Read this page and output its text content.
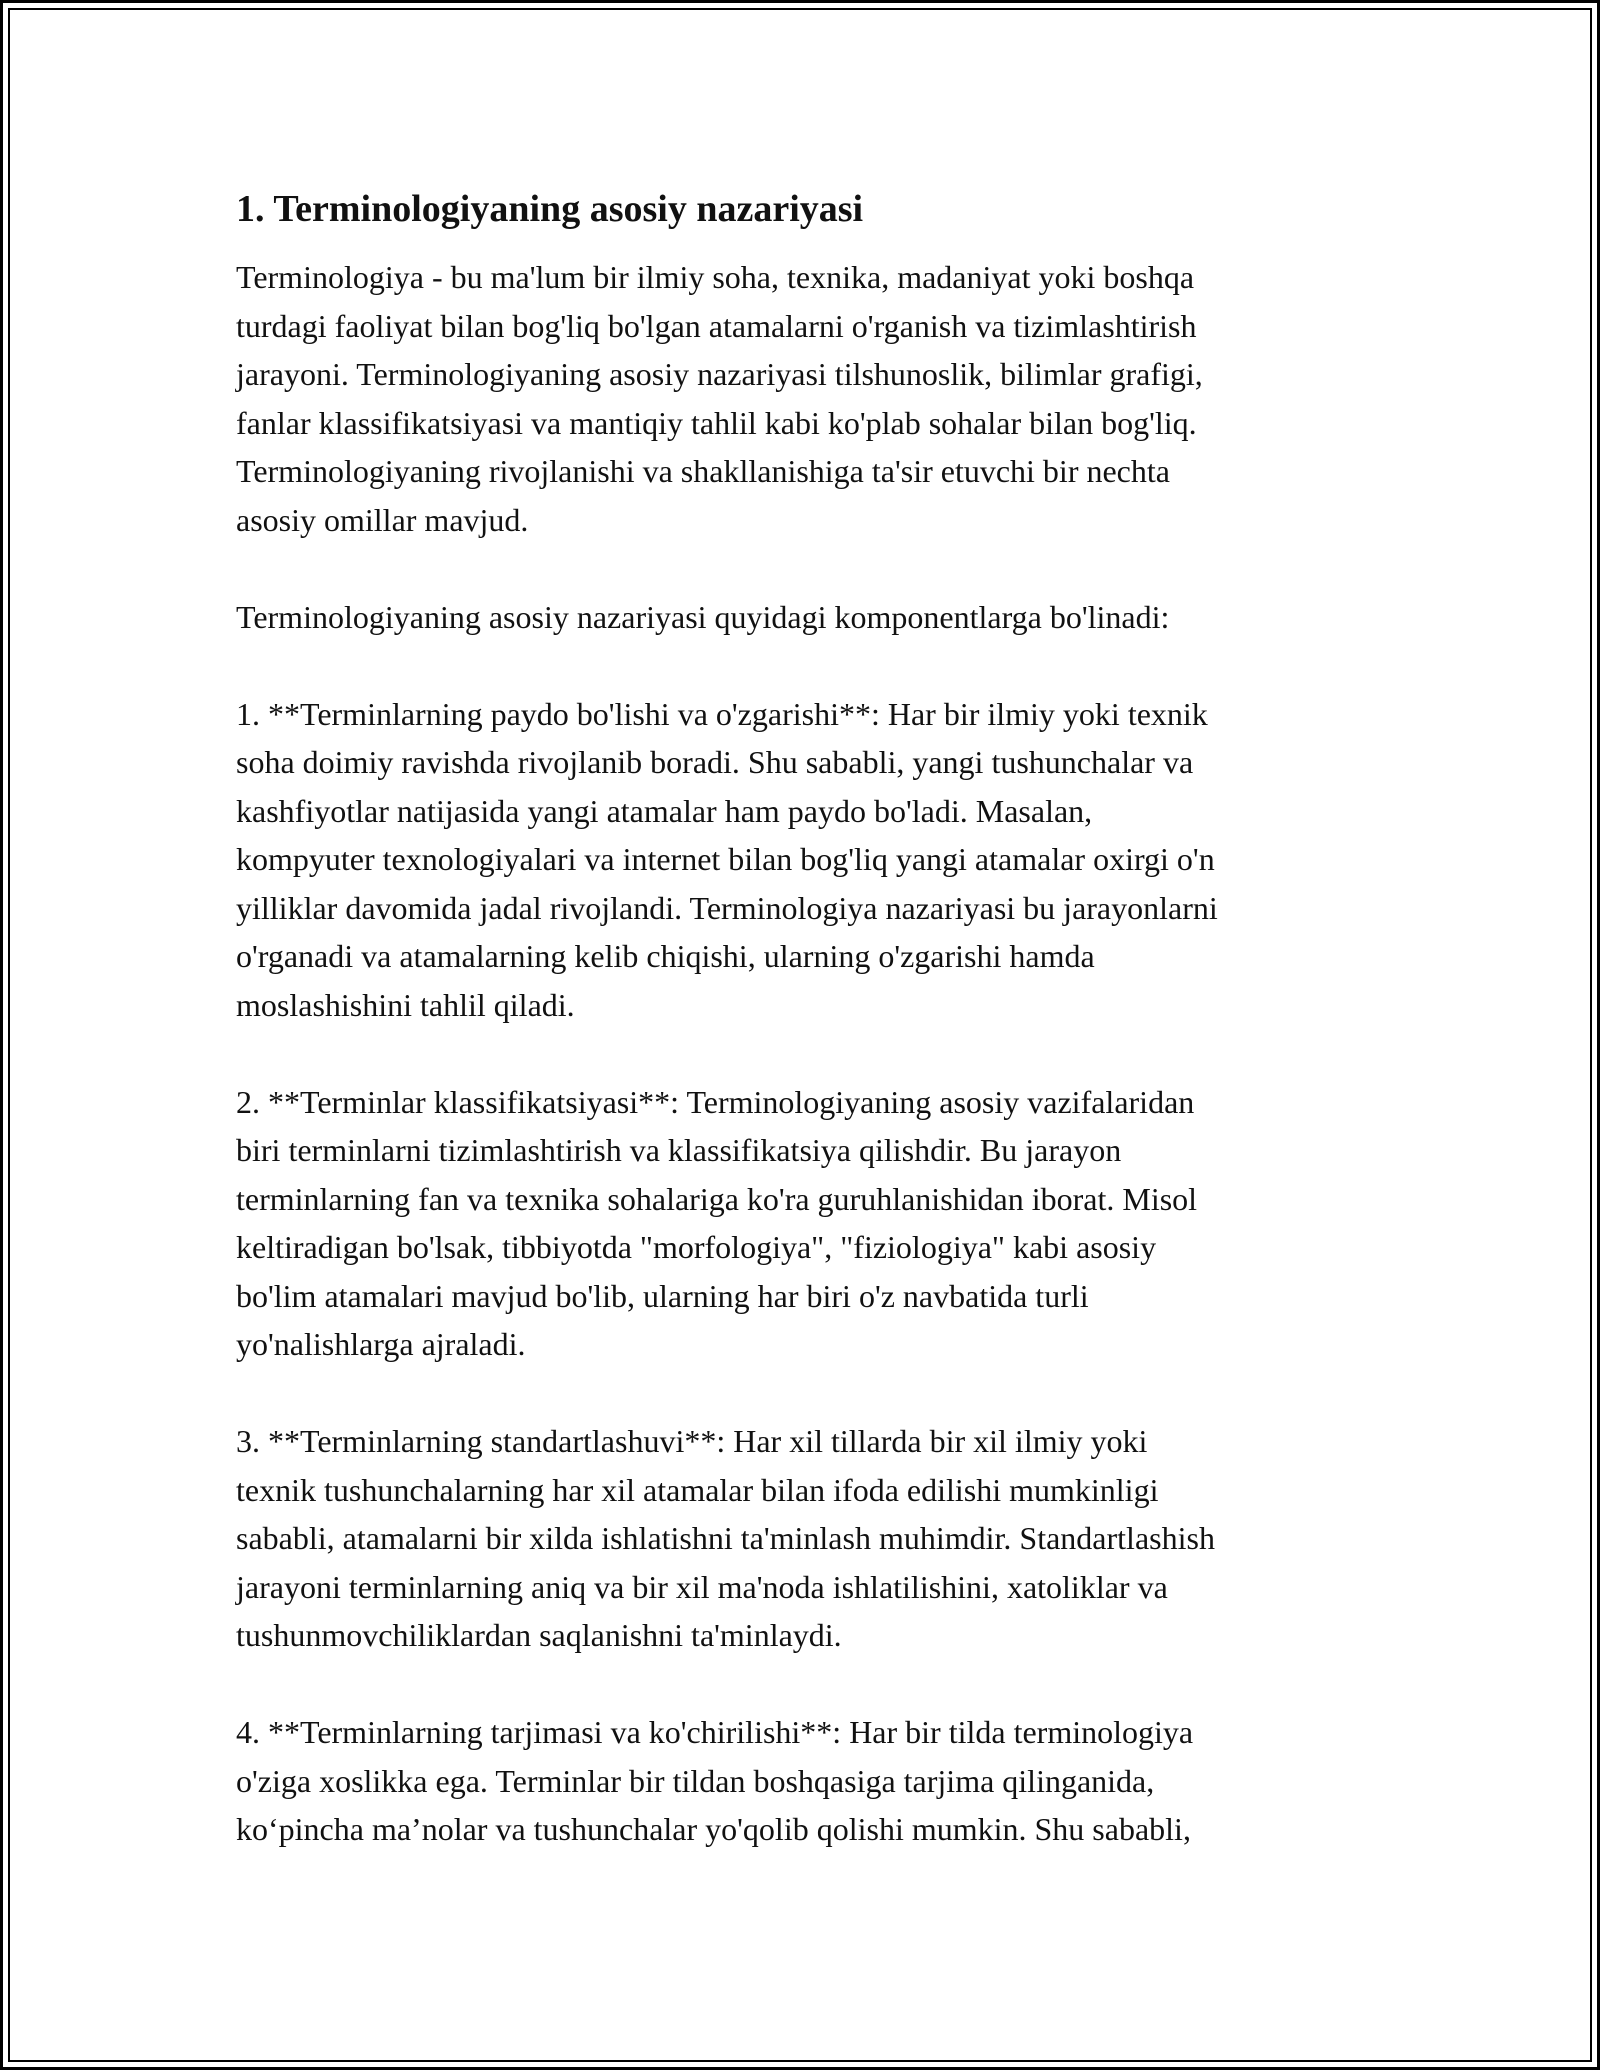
1. Terminologiyaning asosiy nazariyasi

Terminologiya - bu ma'lum bir ilmiy soha, texnika, madaniyat yoki boshqa
turdagi faoliyat bilan bog'liq bo'lgan atamalarni o'rganish va tizimlashtirish
jarayoni. Terminologiyaning asosiy nazariyasi tilshunoslik, bilimlar grafigi,
fanlar klassifikatsiyasi va mantiqiy tahlil kabi ko'plab sohalar bilan bog'liq.
Terminologiyaning rivojlanishi va shakllanishiga ta'sir etuvchi bir nechta
asosiy omillar mavjud.

Terminologiyaning asosiy nazariyasi quyidagi komponentlarga bo'linadi:

1. **Terminlarning paydo bo'lishi va o'zgarishi**: Har bir ilmiy yoki texnik
soha doimiy ravishda rivojlanib boradi. Shu sababli, yangi tushunchalar va
kashfiyotlar natijasida yangi atamalar ham paydo bo'ladi. Masalan,
kompyuter texnologiyalari va internet bilan bog'liq yangi atamalar oxirgi o'n
yilliklar davomida jadal rivojlandi. Terminologiya nazariyasi bu jarayonlarni
o'rganadi va atamalarning kelib chiqishi, ularning o'zgarishi hamda
moslashishini tahlil qiladi.

2. **Terminlar klassifikatsiyasi**: Terminologiyaning asosiy vazifalaridan
biri terminlarni tizimlashtirish va klassifikatsiya qilishdir. Bu jarayon
terminlarning fan va texnika sohalariga ko'ra guruhlanishidan iborat. Misol
keltiradigan bo'lsak, tibbiyotda "morfologiya", "fiziologiya" kabi asosiy
bo'lim atamalari mavjud bo'lib, ularning har biri o'z navbatida turli
yo'nalishlarga ajraladi.

3. **Terminlarning standartlashuvi**: Har xil tillarda bir xil ilmiy yoki
texnik tushunchalarning har xil atamalar bilan ifoda edilishi mumkinligi
sababli, atamalarni bir xilda ishlatishni ta'minlash muhimdir. Standartlashish
jarayoni terminlarning aniq va bir xil ma'noda ishlatilishini, xatoliklar va
tushunmovchiliklardan saqlanishni ta'minlaydi.

4. **Terminlarning tarjimasi va ko'chirilishi**: Har bir tilda terminologiya
o'ziga xoslikka ega. Terminlar bir tildan boshqasiga tarjima qilinganida,
ko‘pincha ma’nolar va tushunchalar yo'qolib qolishi mumkin. Shu sababli,
